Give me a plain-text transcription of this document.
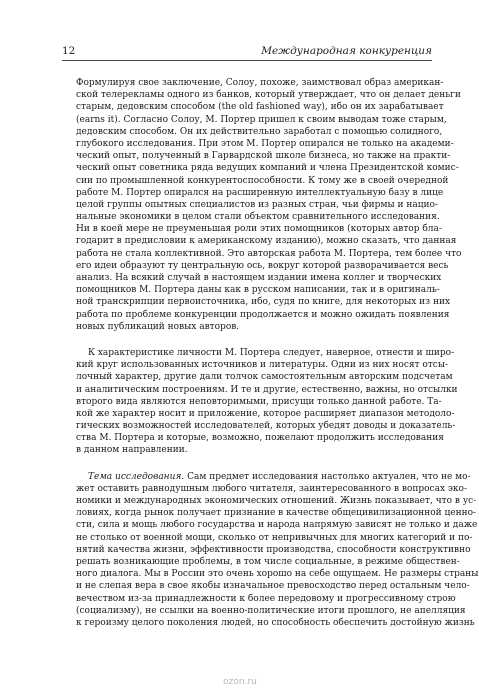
12	Международная конкуренция
Формулируя свое заключение, Солоу, похоже, заимствовал образ американ-
ской телерекламы одного из банков, который утверждает, что он делает деньги
старым, дедовским способом (the old fashioned way), ибо он их зарабатывает
(earns it). Согласно Солоу, М. Портер пришел к своим выводам тоже старым,
дедовским способом. Он их действительно заработал с помощью солидного,
глубокого исследования. При этом М. Портер опирался не только на академи-
ческий опыт, полученный в Гарвардской школе бизнеса, но также на практи-
ческий опыт советника ряда ведущих компаний и члена Президентской комис-
сии по промышленной конкурентоспособности. К тому же в своей очередной
работе М. Портер опирался на расширенную интеллектуальную базу в лице
целой группы опытных специалистов из разных стран, чьи фирмы и нацио-
нальные экономики в целом стали объектом сравнительного исследования.
Ни в коей мере не преуменьшая роли этих помощников (которых автор бла-
годарит в предисловии к американскому изданию), можно сказать, что данная
работа не стала коллективной. Это авторская работа М. Портера, тем более что
его идеи образуют ту центральную ось, вокруг которой разворачивается весь
анализ. На всякий случай в настоящем издании имена коллег и творческих
помощников М. Портера даны как в русском написании, так и в оригиналь-
ной транскрипции первоисточника, ибо, судя по книге, для некоторых из них
работа по проблеме конкуренции продолжается и можно ожидать появления
новых публикаций новых авторов.
К характеристике личности М. Портера следует, наверное, отнести и широ-
кий круг использованных источников и литературы. Одни из них носят отсы-
лочный характер, другие дали толчок самостоятельным авторским подсчетам
и аналитическим построениям. И те и другие, естественно, важны, но отсылки
второго вида являются неповторимыми, присущи только данной работе. Та-
кой же характер носит и приложение, которое расширяет диапазон методоло-
гических возможностей исследователей, которых убедят доводы и доказатель-
ства М. Портера и которые, возможно, пожелают продолжить исследования
в данном направлении.
Тема исследования. Сам предмет исследования настолько актуален, что не мо-
жет оставить равнодушным любого читателя, заинтересованного в вопросах эко-
номики и международных экономических отношений. Жизнь показывает, что в ус-
ловиях, когда рынок получает признание в качестве общецивилизационной ценно-
сти, сила и мощь любого государства и народа напрямую зависят не только и даже
не столько от военной мощи, сколько от непривычных для многих категорий и по-
нятий качества жизни, эффективности производства, способности конструктивно
решать возникающие проблемы, в том числе социальные, в режиме обществен-
ного диалога. Мы в России это очень хорошо на себе ощущаем. Не размеры страны
и не слепая вера в свое якобы изначальное превосходство перед остальным чело-
вечеством из-за принадлежности к более передовому и прогрессивному строю
(социализму), не ссылки на военно-политические итоги прошлого, не апелляция
к героизму целого поколения людей, но способность обеспечить достойную жизнь
ozon.ru
